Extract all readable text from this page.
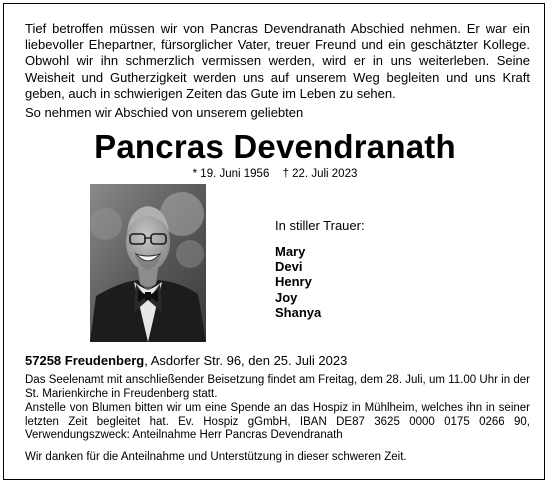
Tief betroffen müssen wir von Pancras Devendranath Abschied nehmen. Er war ein liebevoller Ehepartner, fürsorglicher Vater, treuer Freund und ein geschätzter Kollege. Obwohl wir ihn schmerzlich vermissen werden, wird er in uns weiterleben. Seine Weisheit und Gutherzigkeit werden uns auf unserem Weg begleiten und uns Kraft geben, auch in schwierigen Zeiten das Gute im Leben zu sehen.

So nehmen wir Abschied von unserem geliebten

Pancras Devendranath

* 19. Juni 1956 † 22. Juli 2023

In stiller Trauer:

Mary
Devi
Henry
Joy
Shanya

57258 Freudenberg, Asdorfer Str. 96, den 25. Juli 2023

Das Seelenamt mit anschließender Beisetzung findet am Freitag, dem 28. Juli, um 11.00 Uhr in der St. Marienkirche in Freudenberg statt.

Anstelle von Blumen bitten wir um eine Spende an das Hospiz in Mühlheim, welches ihn in seiner letzten Zeit begleitet hat. Ev. Hospiz gGmbH, IBAN DE87 3625 0000 0175 0266 90, Verwendungszweck: Anteilnahme Herr Pancras Devendranath

Wir danken für die Anteilnahme und Unterstützung in dieser schweren Zeit.
